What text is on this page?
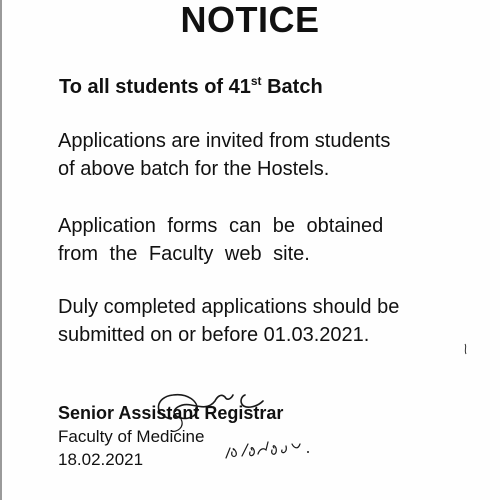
NOTICE
To all students of 41st Batch
Applications are invited from students
of above batch for the Hostels.
Application forms can be obtained
from the Faculty web site.
Duly completed applications should be
submitted on or before 01.03.2021.
Senior Assistant Registrar
Faculty of Medicine
18.02.2021
